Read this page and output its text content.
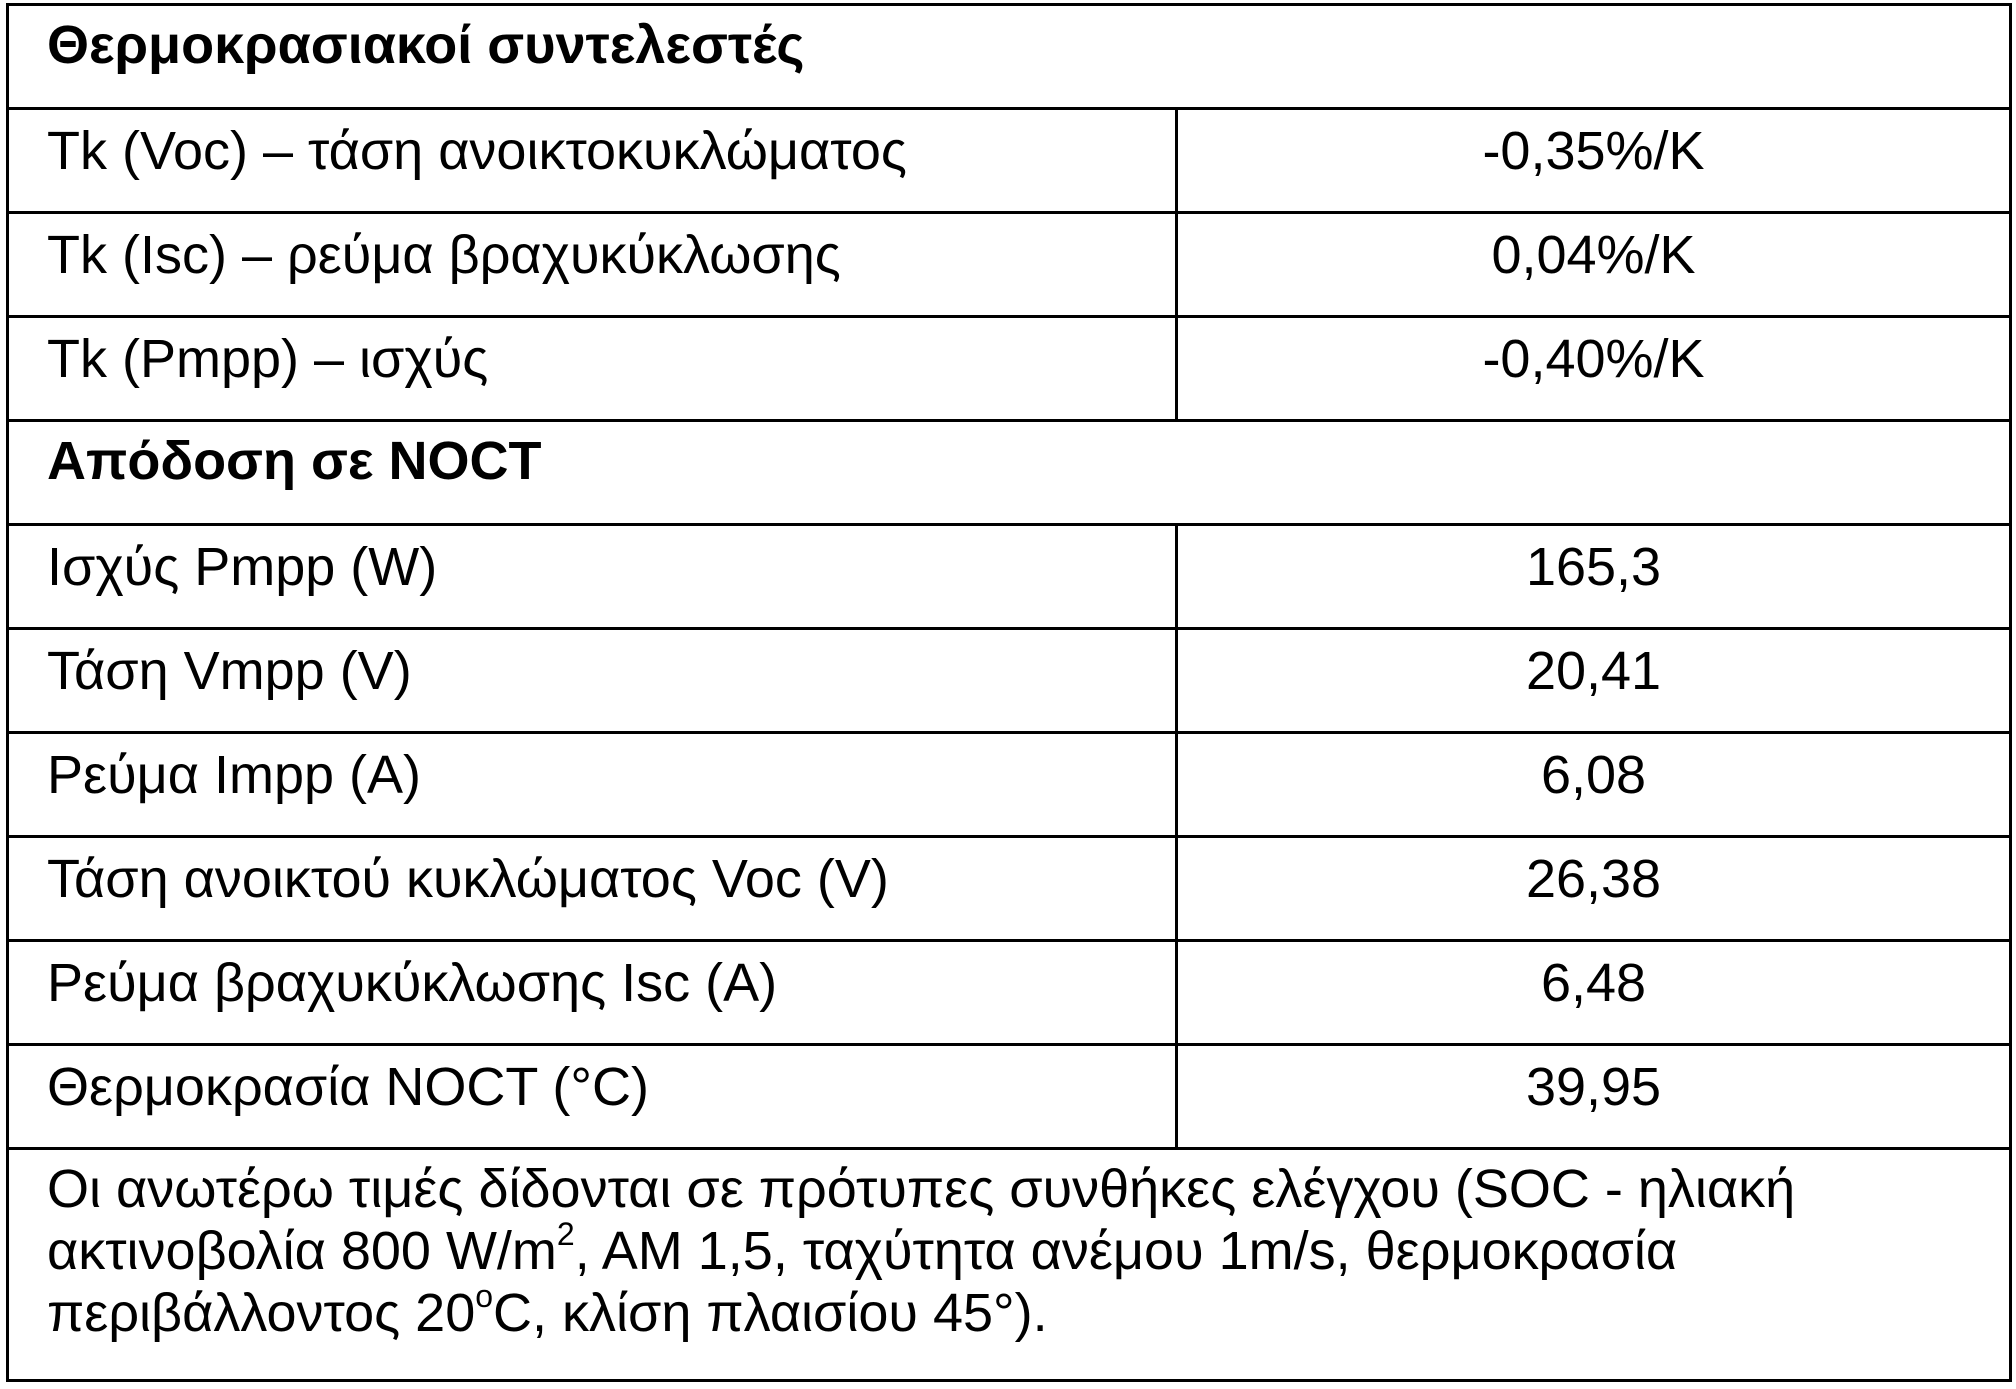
Θερμοκρασιακοί συντελεστές	
Tk (Voc) – τάση ανοικτοκυκλώματος	-0,35%/K
Tk (Isc) – ρεύμα βραχυκύκλωσης	0,04%/K
Tk (Pmpp) – ισχύς	-0,40%/K
Απόδοση σε NOCT	
Ισχύς Pmpp (W)	165,3
Τάση Vmpp (V)	20,41
Ρεύμα Impp (A)	6,08
Τάση ανοικτού κυκλώματος Voc (V)	26,38
Ρεύμα βραχυκύκλωσης Isc (A)	6,48
Θερμοκρασία NOCT (°C)	39,95
Οι ανωτέρω τιμές δίδονται σε πρότυπες συνθήκες ελέγχου (SOC - ηλιακή ακτινοβολία 800 $W/m^2$, AM 1,5, ταχύτητα ανέμου 1m/s, θερμοκρασία περιβάλλοντος 20$^o$C, κλίση πλαισίου 45°).	
